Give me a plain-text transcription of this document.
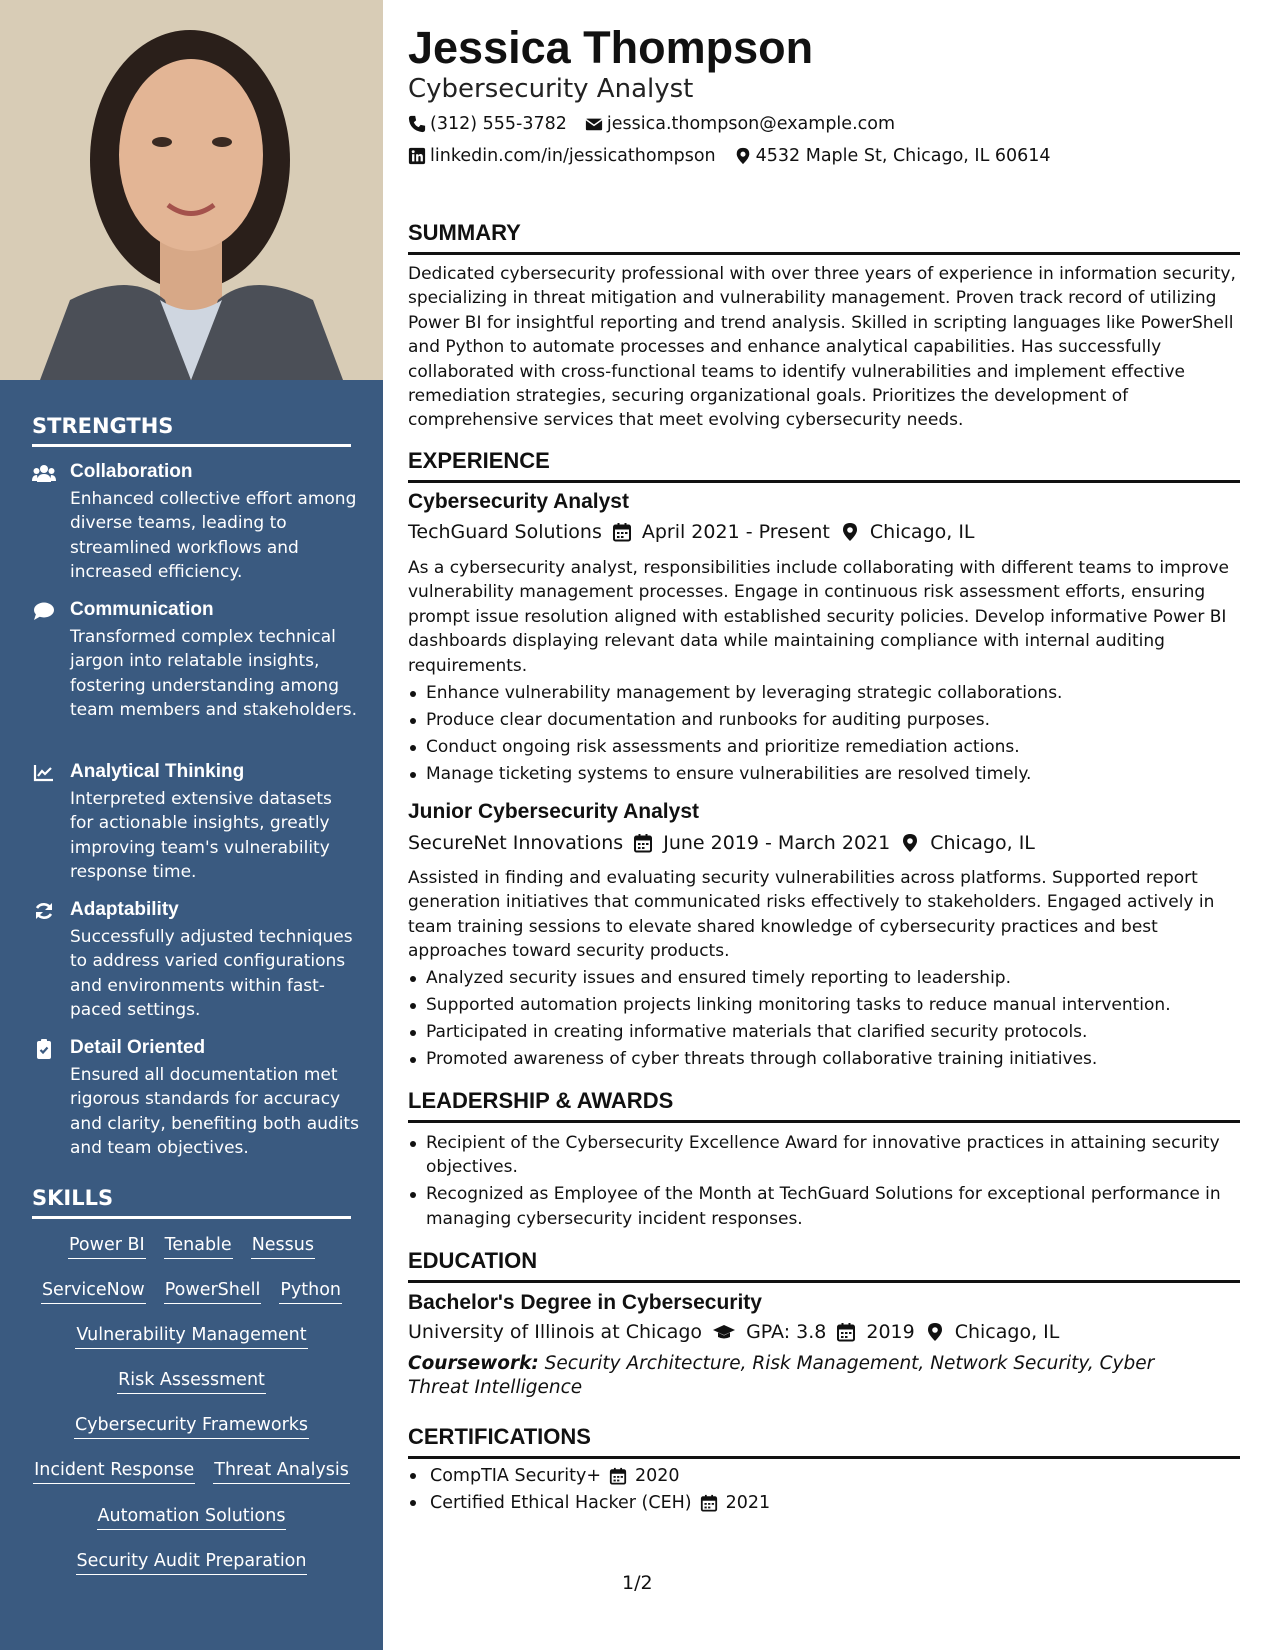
STRENGTHS
Collaboration
Enhanced collective effort among diverse teams, leading to streamlined workflows and increased efficiency.
Communication
Transformed complex technical jargon into relatable insights, fostering understanding among team members and stakeholders.
Analytical Thinking
Interpreted extensive datasets for actionable insights, greatly improving team's vulnerability response time.
Adaptability
Successfully adjusted techniques to address varied configurations and environments within fast-paced settings.
Detail Oriented
Ensured all documentation met rigorous standards for accuracy and clarity, benefiting both audits and team objectives.
SKILLS
Power BI Tenable Nessus
ServiceNow PowerShell Python
Vulnerability Management
Risk Assessment
Cybersecurity Frameworks
Incident Response Threat Analysis
Automation Solutions
Security Audit Preparation
Jessica Thompson
Cybersecurity Analyst
(312) 555-3782 jessica.thompson@example.com
linkedin.com/in/jessicathompson 4532 Maple St, Chicago, IL 60614
SUMMARY
Dedicated cybersecurity professional with over three years of experience in information security, specializing in threat mitigation and vulnerability management. Proven track record of utilizing Power BI for insightful reporting and trend analysis. Skilled in scripting languages like PowerShell and Python to automate processes and enhance analytical capabilities. Has successfully collaborated with cross-functional teams to identify vulnerabilities and implement effective remediation strategies, securing organizational goals. Prioritizes the development of comprehensive services that meet evolving cybersecurity needs.
EXPERIENCE
Cybersecurity Analyst
TechGuard Solutions April 2021 - Present Chicago, IL
As a cybersecurity analyst, responsibilities include collaborating with different teams to improve vulnerability management processes. Engage in continuous risk assessment efforts, ensuring prompt issue resolution aligned with established security policies. Develop informative Power BI dashboards displaying relevant data while maintaining compliance with internal auditing requirements.
Enhance vulnerability management by leveraging strategic collaborations.
Produce clear documentation and runbooks for auditing purposes.
Conduct ongoing risk assessments and prioritize remediation actions.
Manage ticketing systems to ensure vulnerabilities are resolved timely.
Junior Cybersecurity Analyst
SecureNet Innovations June 2019 - March 2021 Chicago, IL
Assisted in finding and evaluating security vulnerabilities across platforms. Supported report generation initiatives that communicated risks effectively to stakeholders. Engaged actively in team training sessions to elevate shared knowledge of cybersecurity practices and best approaches toward security products.
Analyzed security issues and ensured timely reporting to leadership.
Supported automation projects linking monitoring tasks to reduce manual intervention.
Participated in creating informative materials that clarified security protocols.
Promoted awareness of cyber threats through collaborative training initiatives.
LEADERSHIP & AWARDS
Recipient of the Cybersecurity Excellence Award for innovative practices in attaining security objectives.
Recognized as Employee of the Month at TechGuard Solutions for exceptional performance in managing cybersecurity incident responses.
EDUCATION
Bachelor's Degree in Cybersecurity
University of Illinois at Chicago GPA: 3.8 2019 Chicago, IL
Coursework: Security Architecture, Risk Management, Network Security, Cyber Threat Intelligence
CERTIFICATIONS
CompTIA Security+ 2020
Certified Ethical Hacker (CEH) 2021
1/2
